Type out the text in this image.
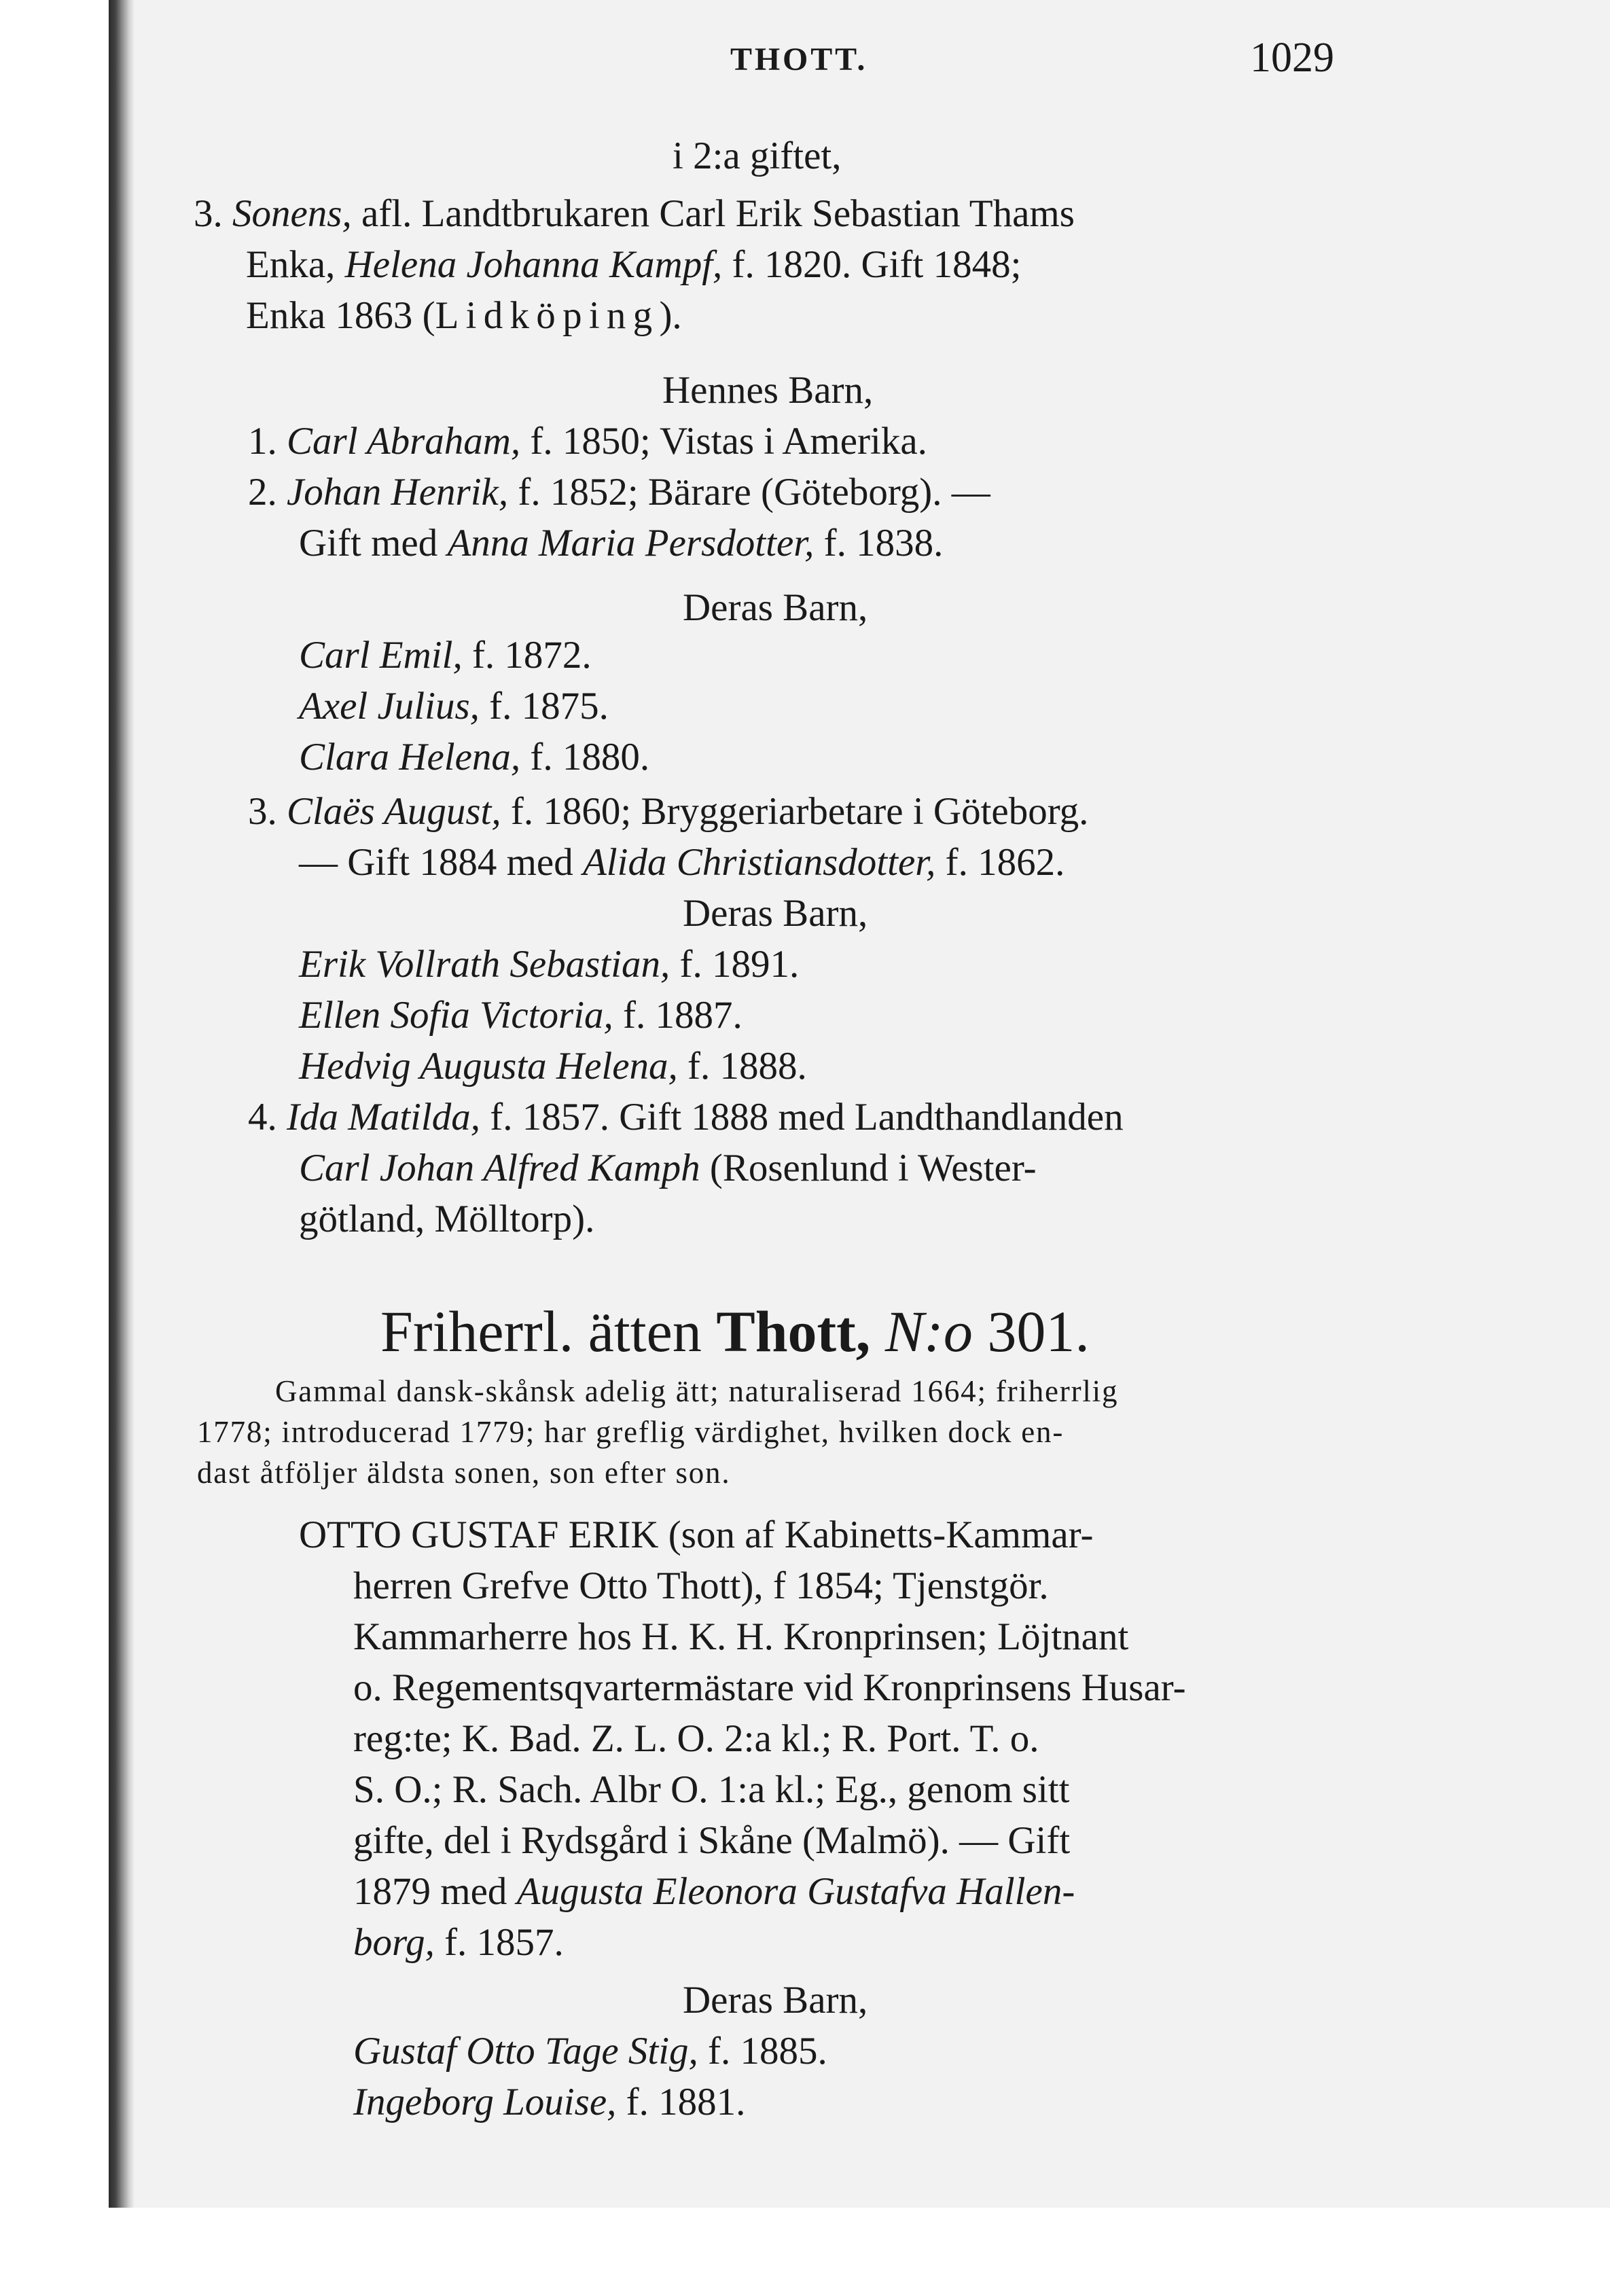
THOTT.	1029
i 2:a giftet,
3. Sonens, afl. Landtbrukaren Carl Erik Sebastian Thams
Enka, Helena Johanna Kampf, f. 1820. Gift 1848;
Enka 1863 (Lidköping).
Hennes Barn,
1. Carl Abraham, f. 1850; Vistas i Amerika.
2. Johan Henrik, f. 1852; Bärare (Göteborg). —
Gift med Anna Maria Persdotter, f. 1838.
Deras Barn,
Carl Emil, f. 1872.
Axel Julius, f. 1875.
Clara Helena, f. 1880.
3. Claës August, f. 1860; Bryggeriarbetare i Göteborg.
— Gift 1884 med Alida Christiansdotter, f. 1862.
Deras Barn,
Erik Vollrath Sebastian, f. 1891.
Ellen Sofia Victoria, f. 1887.
Hedvig Augusta Helena, f. 1888.
4. Ida Matilda, f. 1857. Gift 1888 med Landthandlanden
Carl Johan Alfred Kamph (Rosenlund i Wester-
götland, Mölltorp).
Friherrl. ätten Thott, N:o 301.
Gammal dansk-skånsk adelig ätt; naturaliserad 1664; friherrlig
1778; introducerad 1779; har greflig värdighet, hvilken dock en-
dast åtföljer äldsta sonen, son efter son.
OTTO GUSTAF ERIK (son af Kabinetts-Kammar-
herren Grefve Otto Thott), f 1854; Tjenstgör.
Kammarherre hos H. K. H. Kronprinsen; Löjtnant
o. Regementsqvartermästare vid Kronprinsens Husar-
reg:te; K. Bad. Z. L. O. 2:a kl.; R. Port. T. o.
S. O.; R. Sach. Albr O. 1:a kl.; Eg., genom sitt
gifte, del i Rydsgård i Skåne (Malmö). — Gift
1879 med Augusta Eleonora Gustafva Hallen-
borg, f. 1857.
Deras Barn,
Gustaf Otto Tage Stig, f. 1885.
Ingeborg Louise, f. 1881.
